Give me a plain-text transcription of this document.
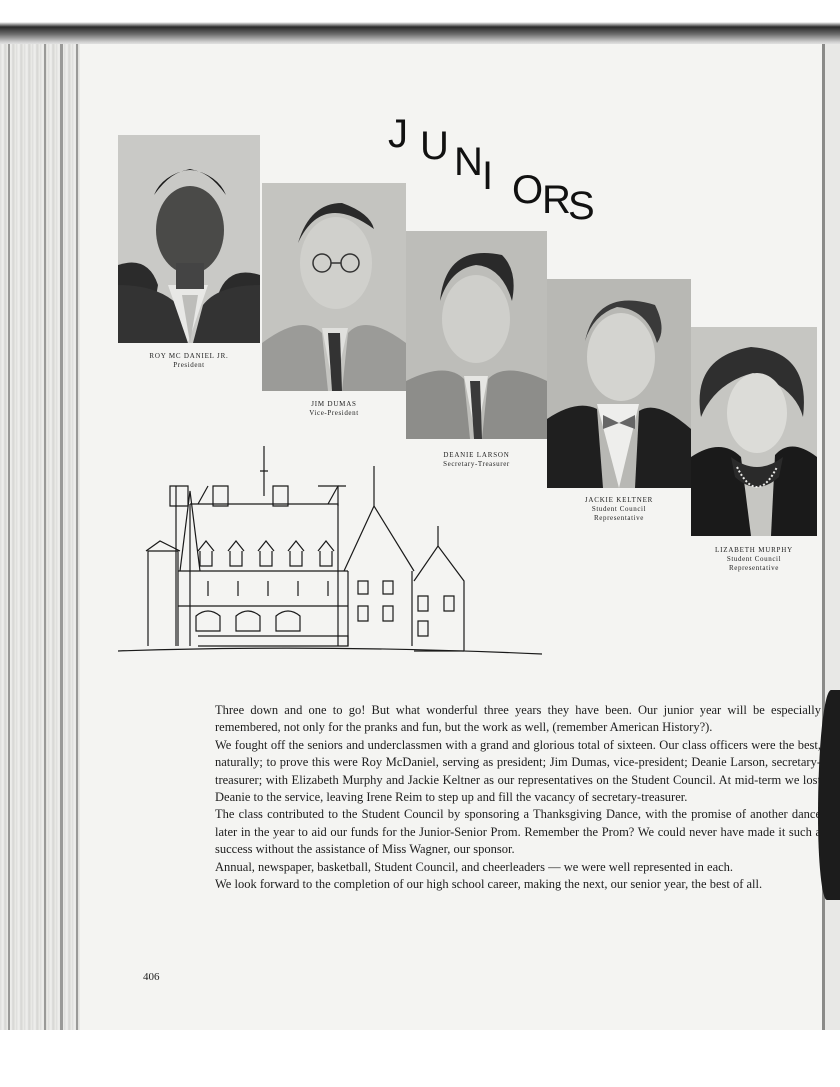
J U N I O
R
S
ROY MC DANIEL JR.
President
JIM DUMAS
Vice-President
DEANIE LARSON
Secretary-Treasurer
JACKIE KELTNER
Student Council
Representative
LIZABETH MURPHY
Student Council
Representative

Three down and one to go! But what wonderful three years they have been. Our junior year will be especially remembered, not only for the pranks and fun, but the work as well, (remember American History?).

We fought off the seniors and underclassmen with a grand and glorious total of sixteen. Our class officers were the best, naturally; to prove this were Roy McDaniel, serving as president; Jim Dumas, vice-president; Deanie Larson, secretary-treasurer; with Elizabeth Murphy and Jackie Keltner as our representatives on the Student Council. At mid-term we lost Deanie to the service, leaving Irene Reim to step up and fill the vacancy of secretary-treasurer.

The class contributed to the Student Council by sponsoring a Thanksgiving Dance, with the promise of another dance later in the year to aid our funds for the Junior-Senior Prom. Remember the Prom? We could never have made it such a success without the assistance of Miss Wagner, our sponsor.

Annual, newspaper, basketball, Student Council, and cheerleaders — we were well represented in each.

We look forward to the completion of our high school career, making the next, our senior year, the best of all.

406
